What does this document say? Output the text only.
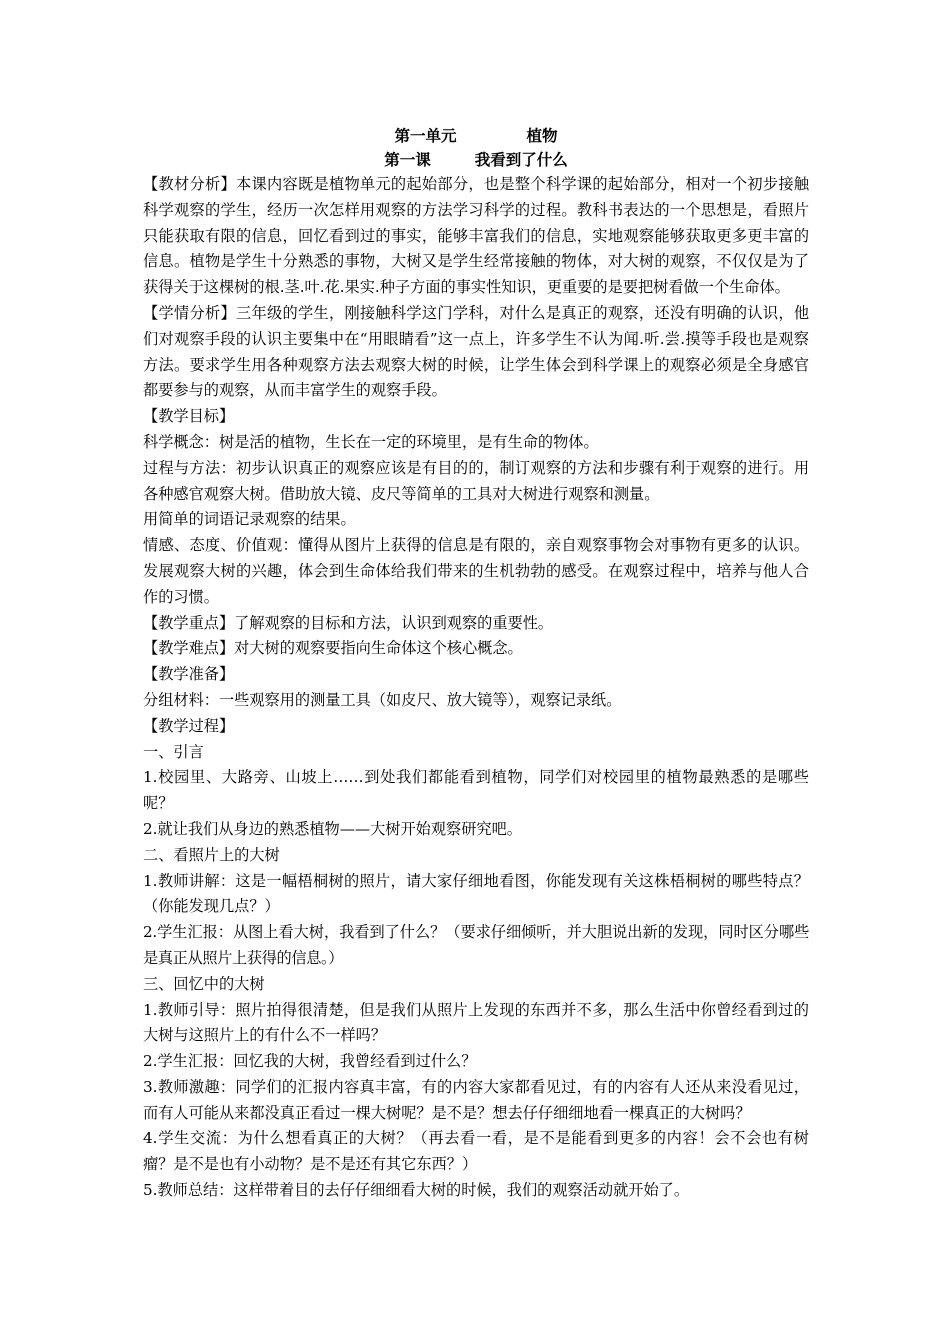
第一单元	植物
第一课	我看到了什么

【教材分析】本课内容既是植物单元的起始部分，也是整个科学课的起始部分，相对一个初步接触科学观察的学生，经历一次怎样用观察的方法学习科学的过程。教科书表达的一个思想是，看照片只能获取有限的信息，回忆看到过的事实，能够丰富我们的信息，实地观察能够获取更多更丰富的信息。植物是学生十分熟悉的事物，大树又是学生经常接触的物体，对大树的观察，不仅仅是为了获得关于这棵树的根.茎.叶.花.果实.种子方面的事实性知识，更重要的是要把树看做一个生命体。

【学情分析】三年级的学生，刚接触科学这门学科，对什么是真正的观察，还没有明确的认识，他们对观察手段的认识主要集中在“用眼睛看”这一点上，许多学生不认为闻.听.尝.摸等手段也是观察方法。要求学生用各种观察方法去观察大树的时候，让学生体会到科学课上的观察必须是全身感官都要参与的观察，从而丰富学生的观察手段。

【教学目标】

科学概念：树是活的植物，生长在一定的环境里，是有生命的物体。

过程与方法：初步认识真正的观察应该是有目的的，制订观察的方法和步骤有利于观察的进行。用各种感官观察大树。借助放大镜、皮尺等简单的工具对大树进行观察和测量。

用简单的词语记录观察的结果。

情感、态度、价值观：懂得从图片上获得的信息是有限的，亲自观察事物会对事物有更多的认识。发展观察大树的兴趣，体会到生命体给我们带来的生机勃勃的感受。在观察过程中，培养与他人合作的习惯。

【教学重点】了解观察的目标和方法，认识到观察的重要性。

【教学难点】对大树的观察要指向生命体这个核心概念。

【教学准备】

分组材料：一些观察用的测量工具（如皮尺、放大镜等），观察记录纸。

【教学过程】

一、引言

1.校园里、大路旁、山坡上……到处我们都能看到植物，同学们对校园里的植物最熟悉的是哪些呢？

2.就让我们从身边的熟悉植物——大树开始观察研究吧。

二、看照片上的大树

1.教师讲解：这是一幅梧桐树的照片，请大家仔细地看图，你能发现有关这株梧桐树的哪些特点？（你能发现几点？）

2.学生汇报：从图上看大树，我看到了什么？（要求仔细倾听，并大胆说出新的发现，同时区分哪些是真正从照片上获得的信息。）

三、回忆中的大树

1.教师引导：照片拍得很清楚，但是我们从照片上发现的东西并不多，那么生活中你曾经看到过的大树与这照片上的有什么不一样吗？

2.学生汇报：回忆我的大树，我曾经看到过什么？

3.教师激趣：同学们的汇报内容真丰富，有的内容大家都看见过，有的内容有人还从来没看见过，而有人可能从来都没真正看过一棵大树呢？是不是？想去仔仔细细地看一棵真正的大树吗？

4.学生交流：为什么想看真正的大树？（再去看一看，是不是能看到更多的内容！会不会也有树瘤？是不是也有小动物？是不是还有其它东西？）

5.教师总结：这样带着目的去仔仔细细看大树的时候，我们的观察活动就开始了。
